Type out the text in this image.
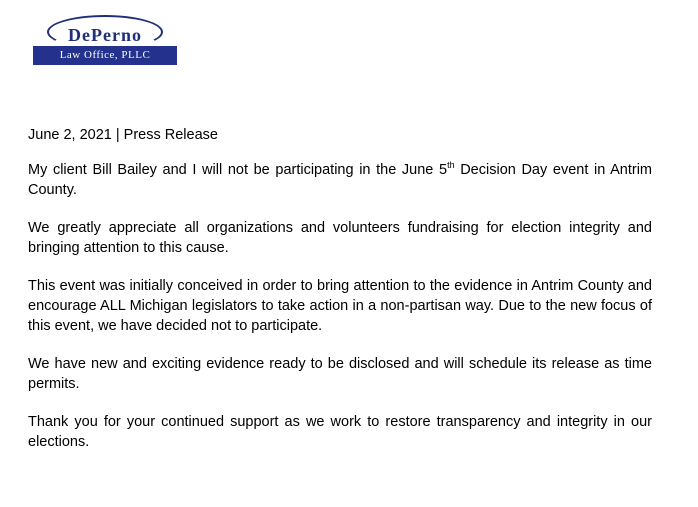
DePerno
Law Office, PLLC
June 2, 2021 | Press Release

My client Bill Bailey and I will not be participating in the June 5th Decision Day event in Antrim County.

We greatly appreciate all organizations and volunteers fundraising for election integrity and bringing attention to this cause.

This event was initially conceived in order to bring attention to the evidence in Antrim County and encourage ALL Michigan legislators to take action in a non-partisan way. Due to the new focus of this event, we have decided not to participate.

We have new and exciting evidence ready to be disclosed and will schedule its release as time permits.

Thank you for your continued support as we work to restore transparency and integrity in our elections.
